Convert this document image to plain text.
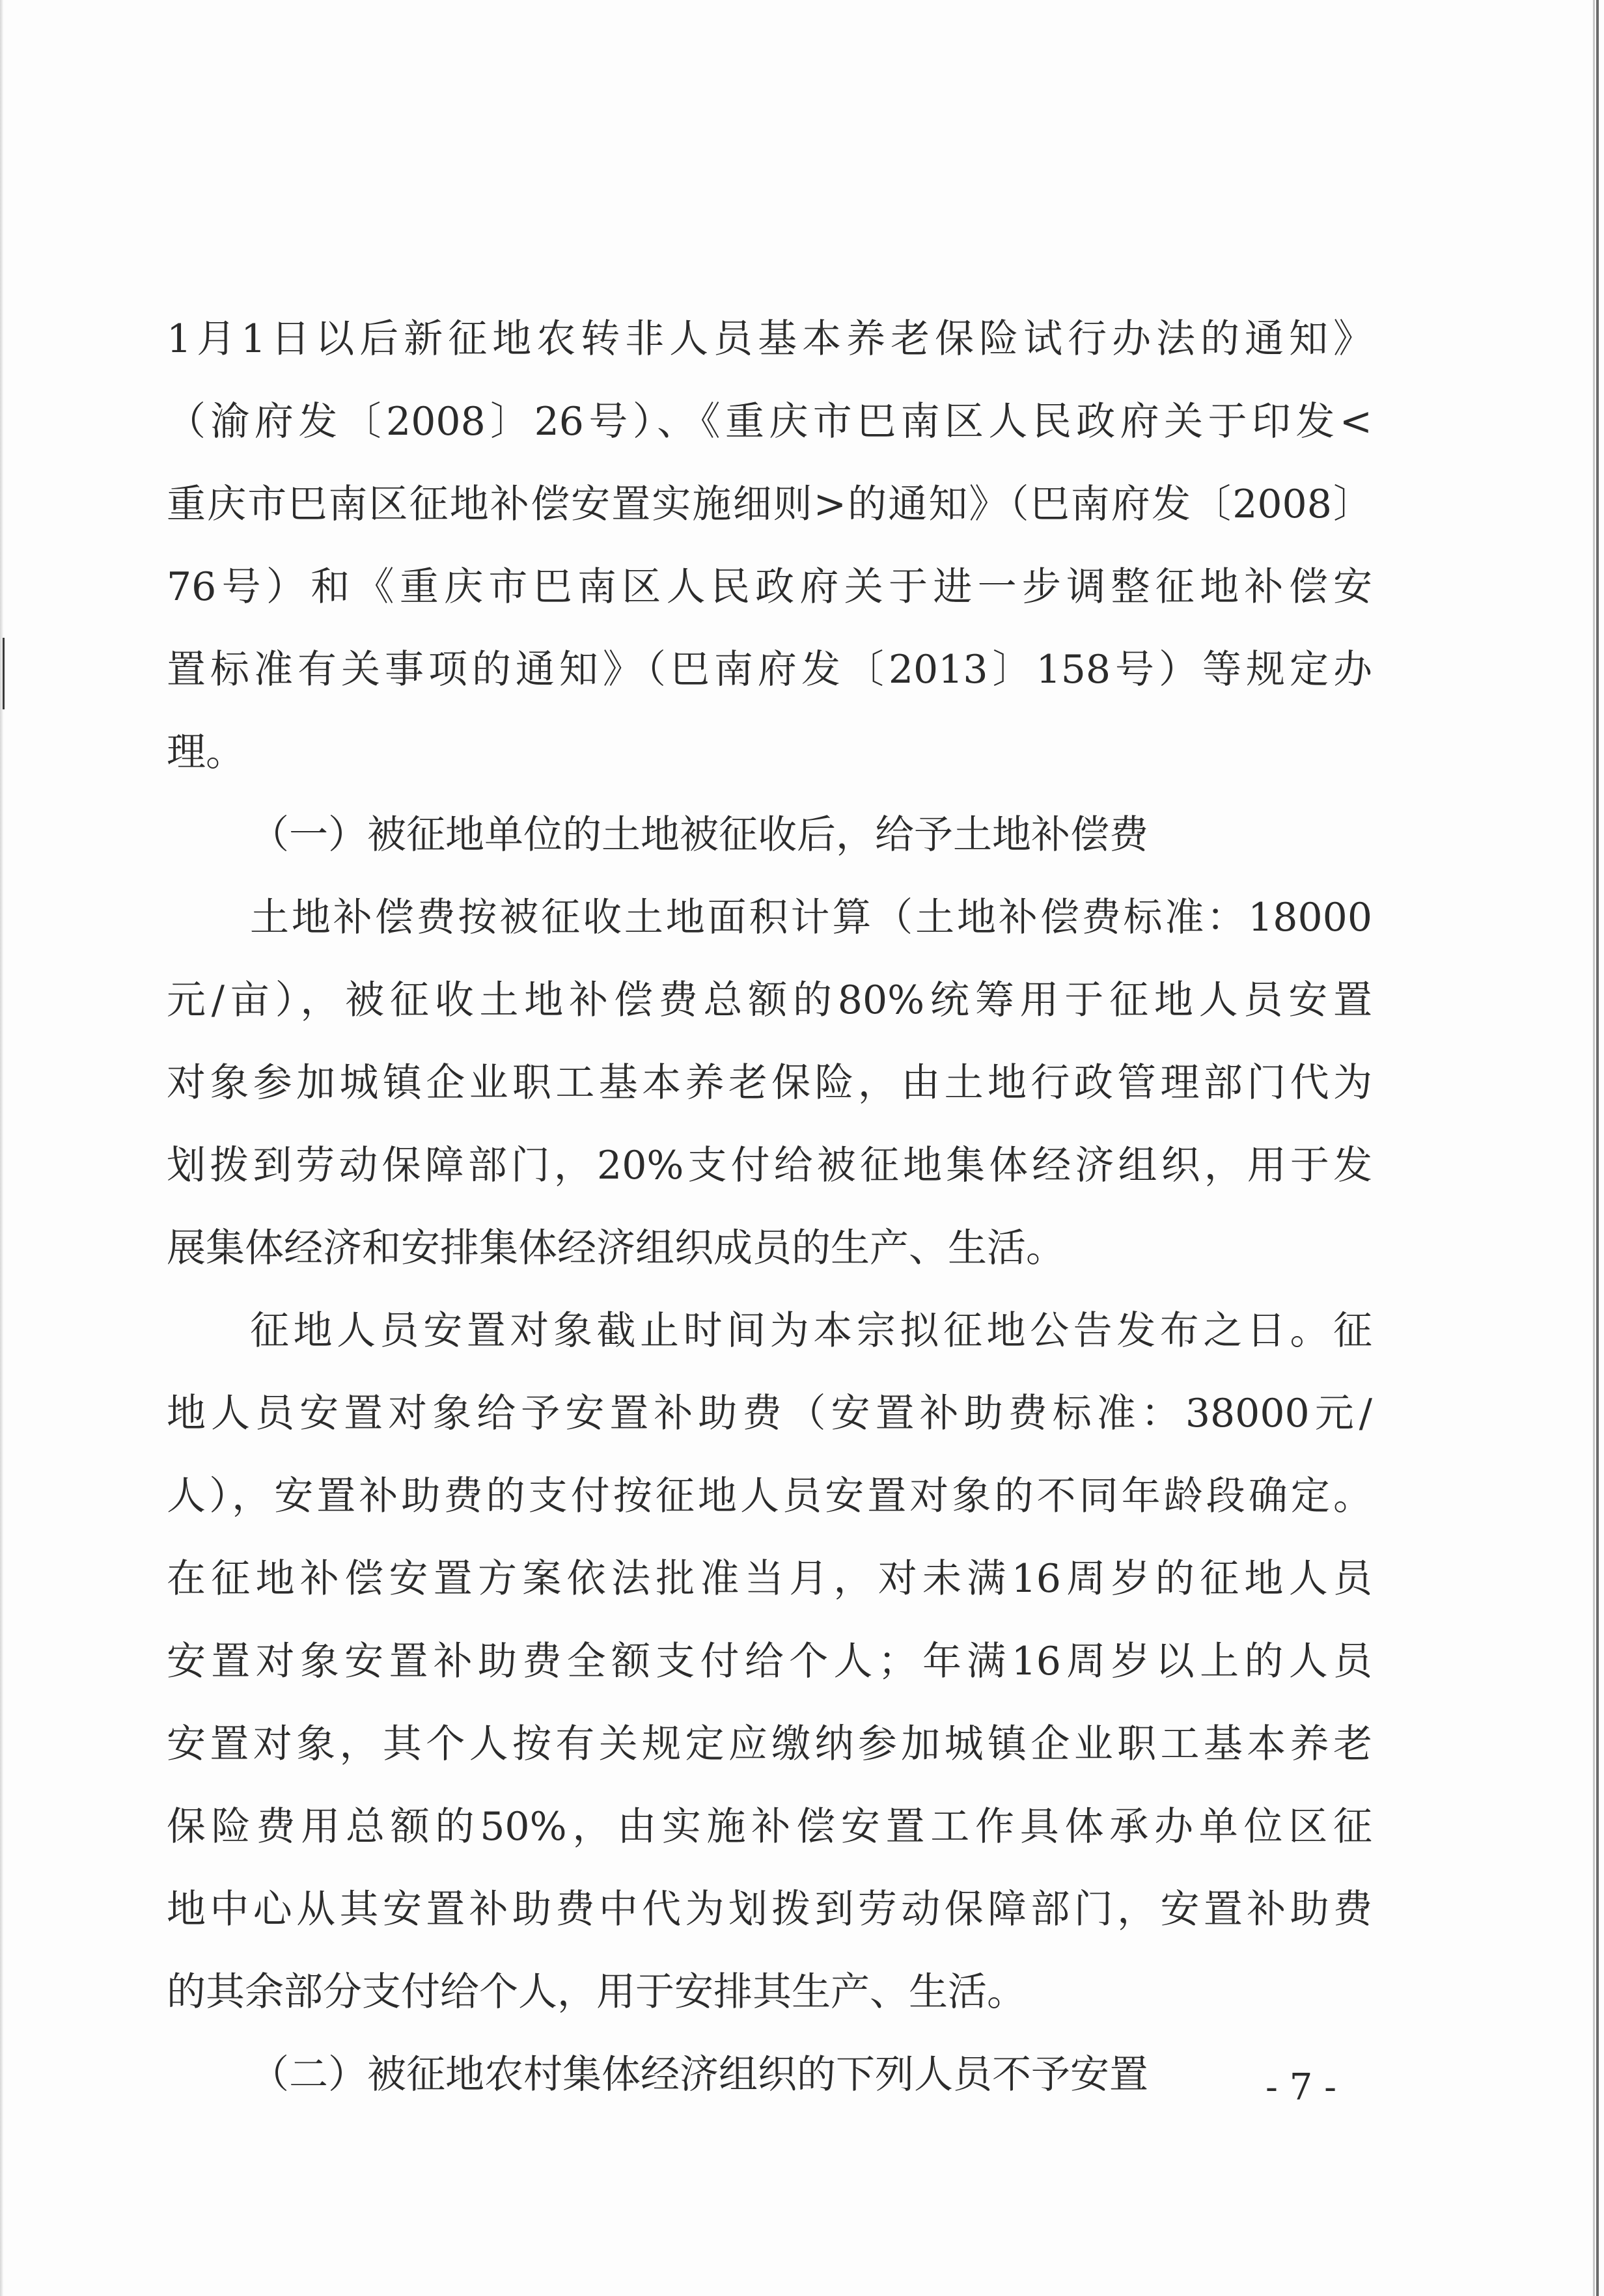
1月1日以后新征地农转非人员基本养老保险试行办法的通知》
（渝府发〔2008〕26号）、《重庆市巴南区人民政府关于印发<
重庆市巴南区征地补偿安置实施细则>的通知》（巴南府发〔2008〕
76号）和《重庆市巴南区人民政府关于进一步调整征地补偿安
置标准有关事项的通知》（巴南府发〔2013〕158号）等规定办
理。
（一）被征地单位的土地被征收后，给予土地补偿费
土地补偿费按被征收土地面积计算（土地补偿费标准：18000
元/亩），被征收土地补偿费总额的80%统筹用于征地人员安置
对象参加城镇企业职工基本养老保险，由土地行政管理部门代为
划拨到劳动保障部门，20%支付给被征地集体经济组织，用于发
展集体经济和安排集体经济组织成员的生产、生活。
征地人员安置对象截止时间为本宗拟征地公告发布之日。征
地人员安置对象给予安置补助费（安置补助费标准：38000元/
人），安置补助费的支付按征地人员安置对象的不同年龄段确定。
在征地补偿安置方案依法批准当月，对未满16周岁的征地人员
安置对象安置补助费全额支付给个人；年满16周岁以上的人员
安置对象，其个人按有关规定应缴纳参加城镇企业职工基本养老
保险费用总额的50%，由实施补偿安置工作具体承办单位区征
地中心从其安置补助费中代为划拨到劳动保障部门，安置补助费
的其余部分支付给个人，用于安排其生产、生活。
（二）被征地农村集体经济组织的下列人员不予安置	- 7 -
